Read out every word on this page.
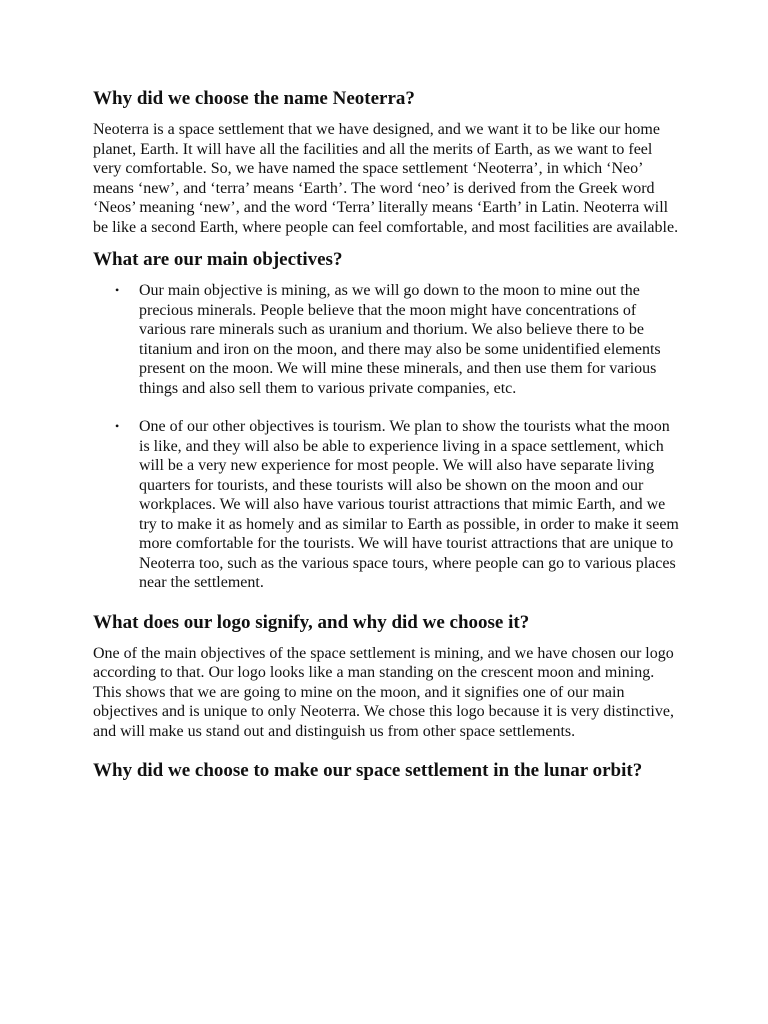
Why did we choose the name Neoterra?

Neoterra is a space settlement that we have designed, and we want it to be like our home planet, Earth. It will have all the facilities and all the merits of Earth, as we want to feel very comfortable. So, we have named the space settlement ‘Neoterra’, in which ‘Neo’ means ‘new’, and ‘terra’ means ‘Earth’. The word ‘neo’ is derived from the Greek word ‘Neos’ meaning ‘new’, and the word ‘Terra’ literally means ‘Earth’ in Latin. Neoterra will be like a second Earth, where people can feel comfortable, and most facilities are available.

What are our main objectives?
• Our main objective is mining, as we will go down to the moon to mine out the precious minerals. People believe that the moon might have concentrations of various rare minerals such as uranium and thorium. We also believe there to be titanium and iron on the moon, and there may also be some unidentified elements present on the moon. We will mine these minerals, and then use them for various things and also sell them to various private companies, etc.
• One of our other objectives is tourism. We plan to show the tourists what the moon is like, and they will also be able to experience living in a space settlement, which will be a very new experience for most people. We will also have separate living quarters for tourists, and these tourists will also be shown on the moon and our workplaces. We will also have various tourist attractions that mimic Earth, and we try to make it as homely and as similar to Earth as possible, in order to make it seem more comfortable for the tourists. We will have tourist attractions that are unique to Neoterra too, such as the various space tours, where people can go to various places near the settlement.
What does our logo signify, and why did we choose it?

One of the main objectives of the space settlement is mining, and we have chosen our logo according to that. Our logo looks like a man standing on the crescent moon and mining. This shows that we are going to mine on the moon, and it signifies one of our main objectives and is unique to only Neoterra. We chose this logo because it is very distinctive, and will make us stand out and distinguish us from other space settlements.

Why did we choose to make our space settlement in the lunar orbit?
